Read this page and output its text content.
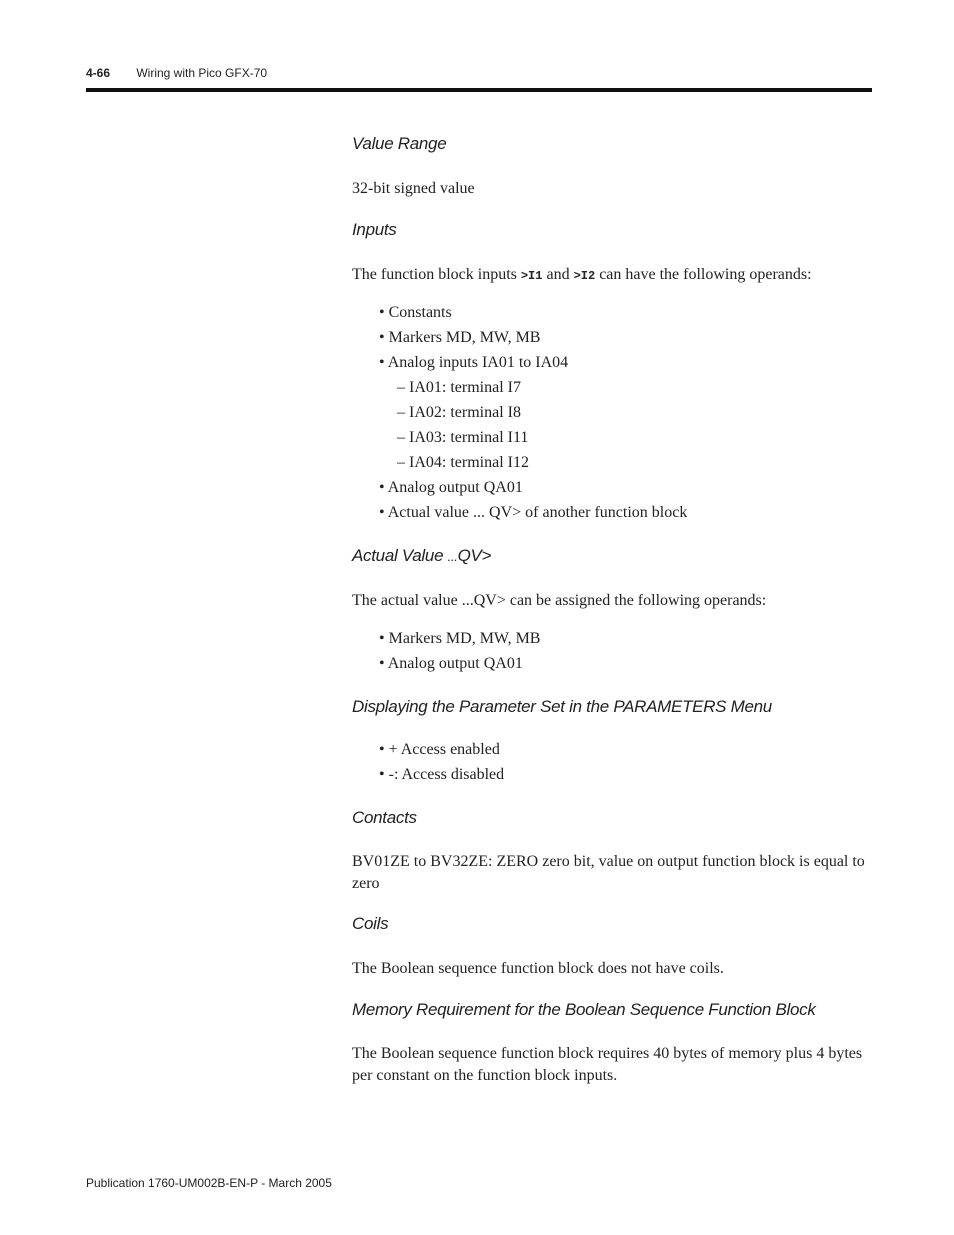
4-66 Wiring with Pico GFX-70
Value Range
32-bit signed value
Inputs
The function block inputs >I1 and >I2 can have the following operands:
• Constants
• Markers MD, MW, MB
• Analog inputs IA01 to IA04
– IA01: terminal I7
– IA02: terminal I8
– IA03: terminal I11
– IA04: terminal I12
• Analog output QA01
• Actual value ... QV> of another function block
Actual Value ...QV>
The actual value ...QV> can be assigned the following operands:
• Markers MD, MW, MB
• Analog output QA01
Displaying the Parameter Set in the PARAMETERS Menu
• + Access enabled
• -: Access disabled
Contacts
BV01ZE to BV32ZE: ZERO zero bit, value on output function block is equal to zero
Coils
The Boolean sequence function block does not have coils.
Memory Requirement for the Boolean Sequence Function Block
The Boolean sequence function block requires 40 bytes of memory plus 4 bytes per constant on the function block inputs.
Publication 1760-UM002B-EN-P - March 2005
